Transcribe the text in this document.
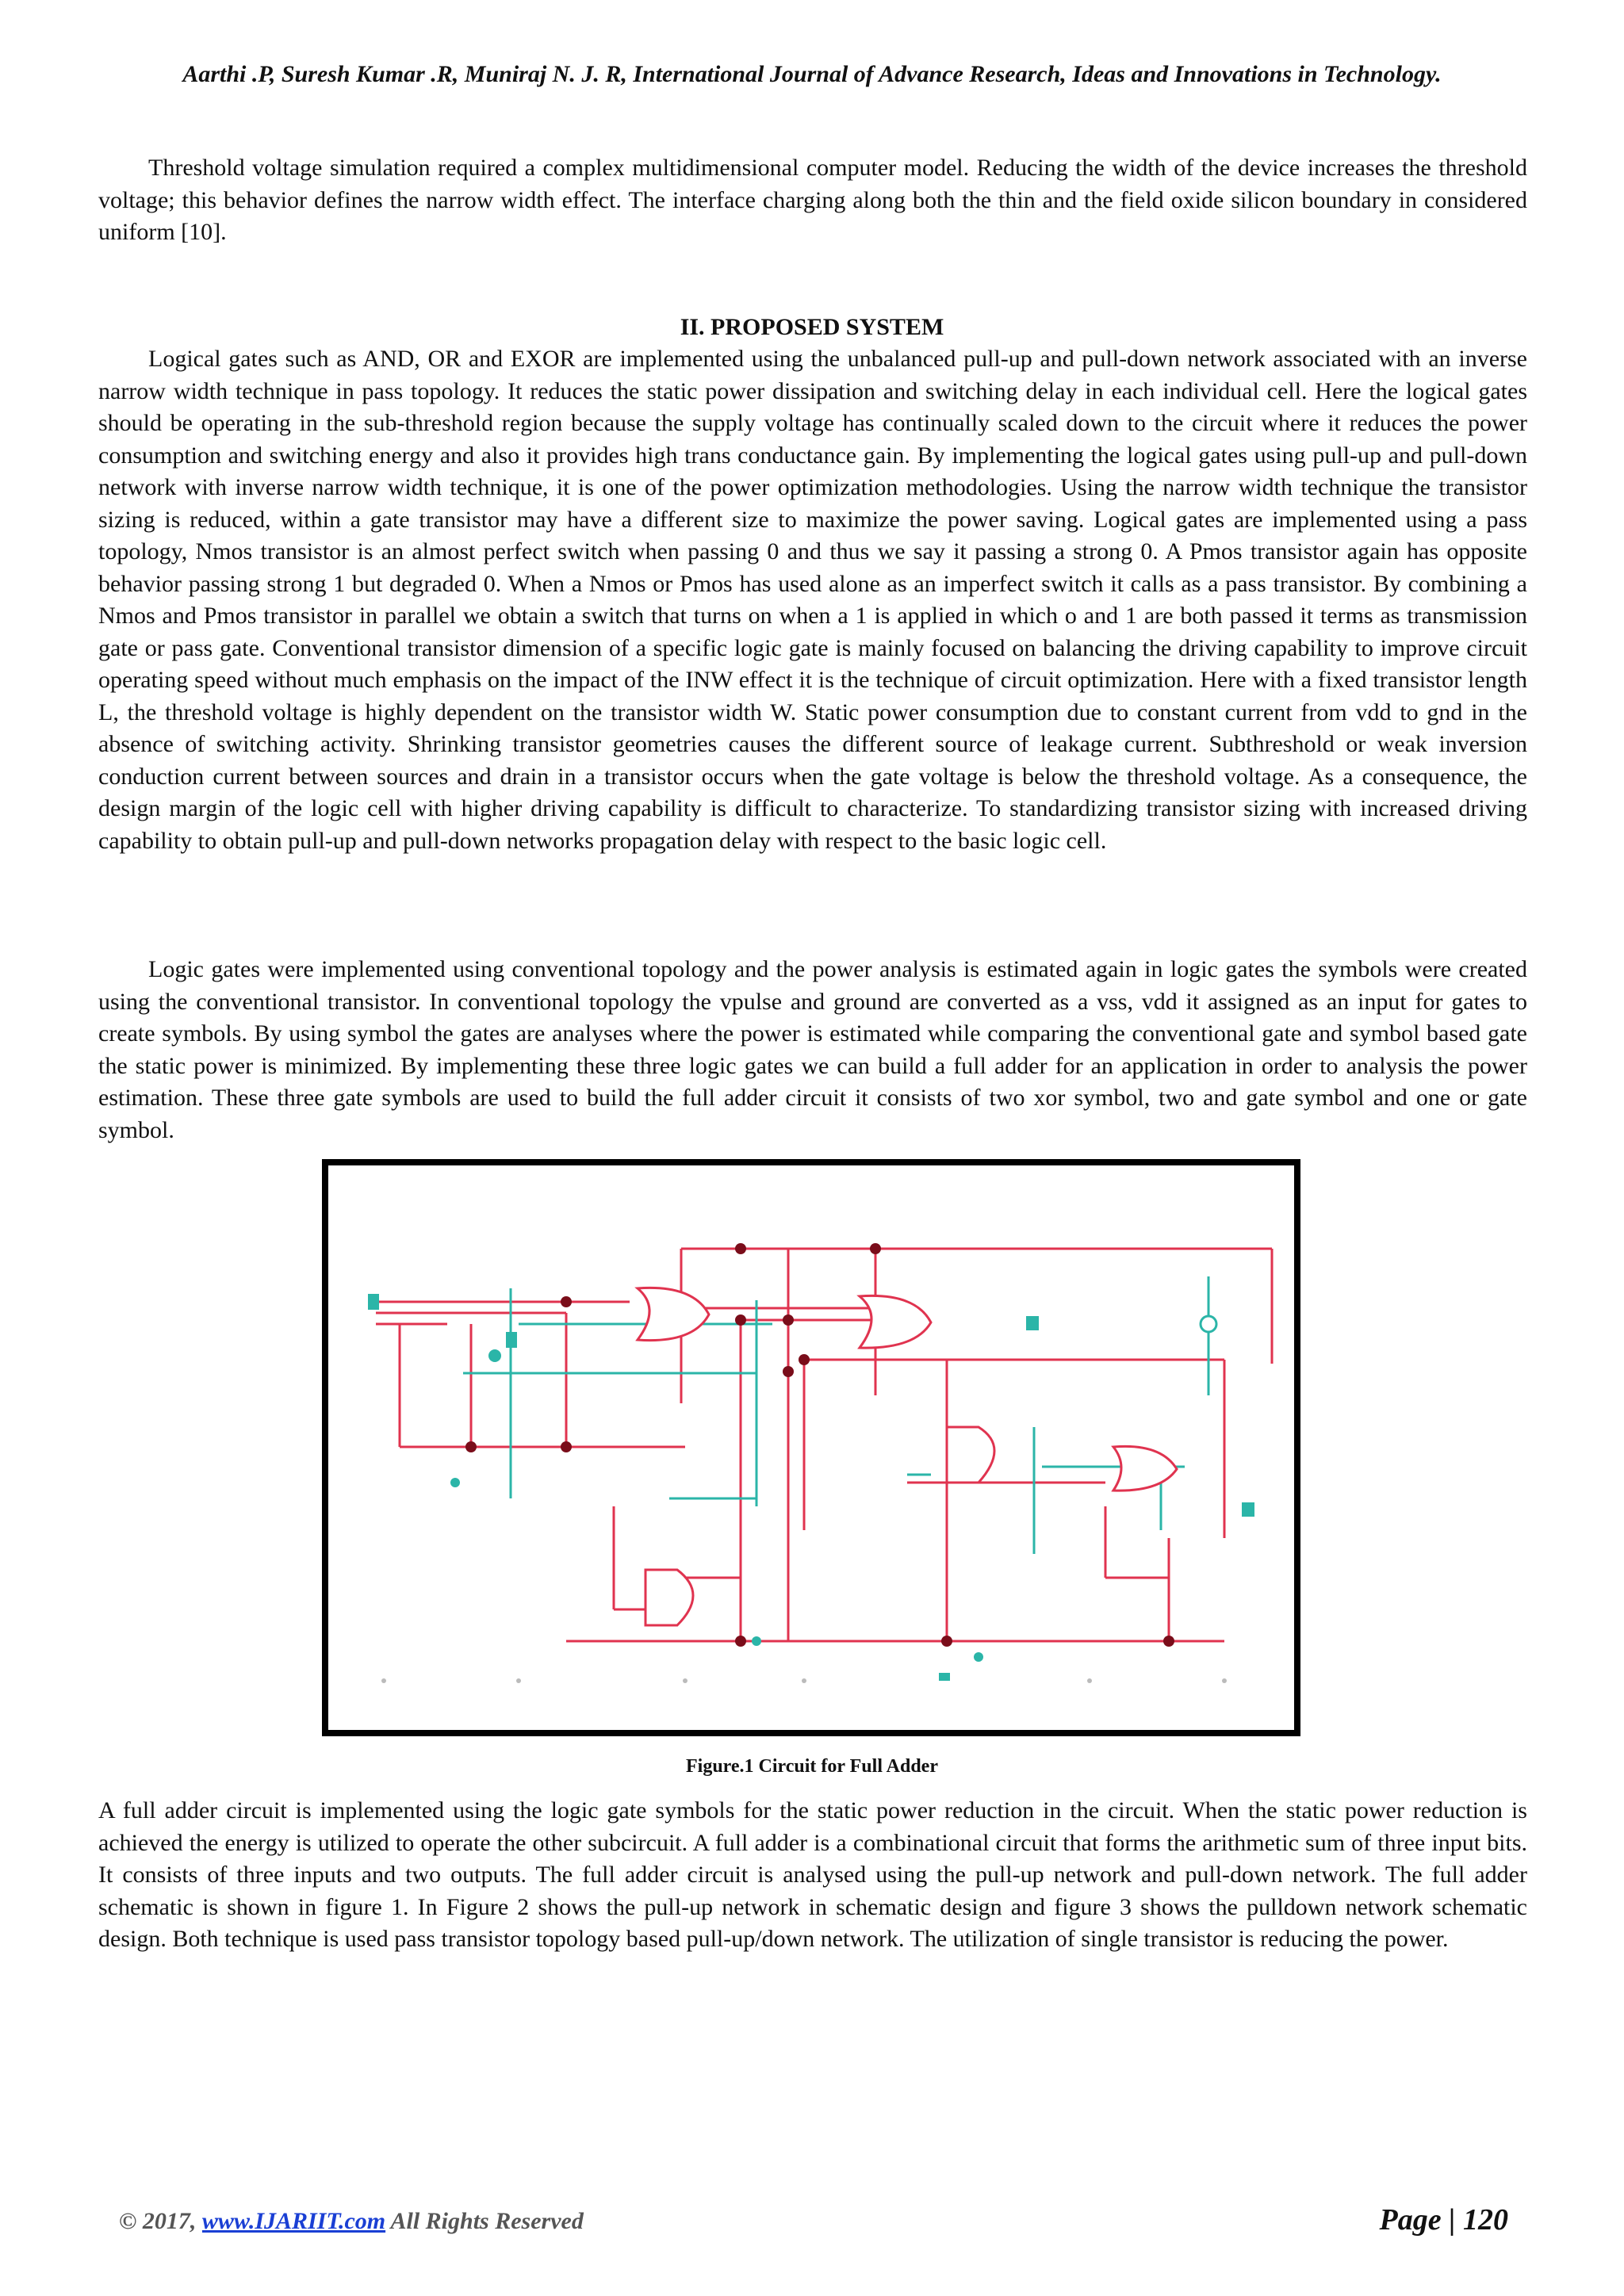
Aarthi .P, Suresh Kumar .R, Muniraj N. J. R, International Journal of Advance Research, Ideas and Innovations in Technology.

Threshold voltage simulation required a complex multidimensional computer model. Reducing the width of the device increases the threshold voltage; this behavior defines the narrow width effect. The interface charging along both the thin and the field oxide silicon boundary in considered uniform [10].

II. PROPOSED SYSTEM

Logical gates such as AND, OR and EXOR are implemented using the unbalanced pull-up and pull-down network associated with an inverse narrow width technique in pass topology. It reduces the static power dissipation and switching delay in each individual cell. Here the logical gates should be operating in the sub-threshold region because the supply voltage has continually scaled down to the circuit where it reduces the power consumption and switching energy and also it provides high trans conductance gain. By implementing the logical gates using pull-up and pull-down network with inverse narrow width technique, it is one of the power optimization methodologies. Using the narrow width technique the transistor sizing is reduced, within a gate transistor may have a different size to maximize the power saving. Logical gates are implemented using a pass topology, Nmos transistor is an almost perfect switch when passing 0 and thus we say it passing a strong 0. A Pmos transistor again has opposite behavior passing strong 1 but degraded 0. When a Nmos or Pmos has used alone as an imperfect switch it calls as a pass transistor. By combining a Nmos and Pmos transistor in parallel we obtain a switch that turns on when a 1 is applied in which o and 1 are both passed it terms as transmission gate or pass gate. Conventional transistor dimension of a specific logic gate is mainly focused on balancing the driving capability to improve circuit operating speed without much emphasis on the impact of the INW effect it is the technique of circuit optimization. Here with a fixed transistor length L, the threshold voltage is highly dependent on the transistor width W. Static power consumption due to constant current from vdd to gnd in the absence of switching activity. Shrinking transistor geometries causes the different source of leakage current. Subthreshold or weak inversion conduction current between sources and drain in a transistor occurs when the gate voltage is below the threshold voltage. As a consequence, the design margin of the logic cell with higher driving capability is difficult to characterize. To standardizing transistor sizing with increased driving capability to obtain pull-up and pull-down networks propagation delay with respect to the basic logic cell.

Logic gates were implemented using conventional topology and the power analysis is estimated again in logic gates the symbols were created using the conventional transistor. In conventional topology the vpulse and ground are converted as a vss, vdd it assigned as an input for gates to create symbols. By using symbol the gates are analyses where the power is estimated while comparing the conventional gate and symbol based gate the static power is minimized. By implementing these three logic gates we can build a full adder for an application in order to analysis the power estimation. These three gate symbols are used to build the full adder circuit it consists of two xor symbol, two and gate symbol and one or gate symbol.

Figure.1 Circuit for Full Adder

A full adder circuit is implemented using the logic gate symbols for the static power reduction in the circuit. When the static power reduction is achieved the energy is utilized to operate the other subcircuit. A full adder is a combinational circuit that forms the arithmetic sum of three input bits. It consists of three inputs and two outputs. The full adder circuit is analysed using the pull-up network and pull-down network. The full adder schematic is shown in figure 1. In Figure 2 shows the pull-up network in schematic design and figure 3 shows the pulldown network schematic design. Both technique is used pass transistor topology based pull-up/down network. The utilization of single transistor is reducing the power.

© 2017, www.IJARIIT.com All Rights Reserved	Page | 120
